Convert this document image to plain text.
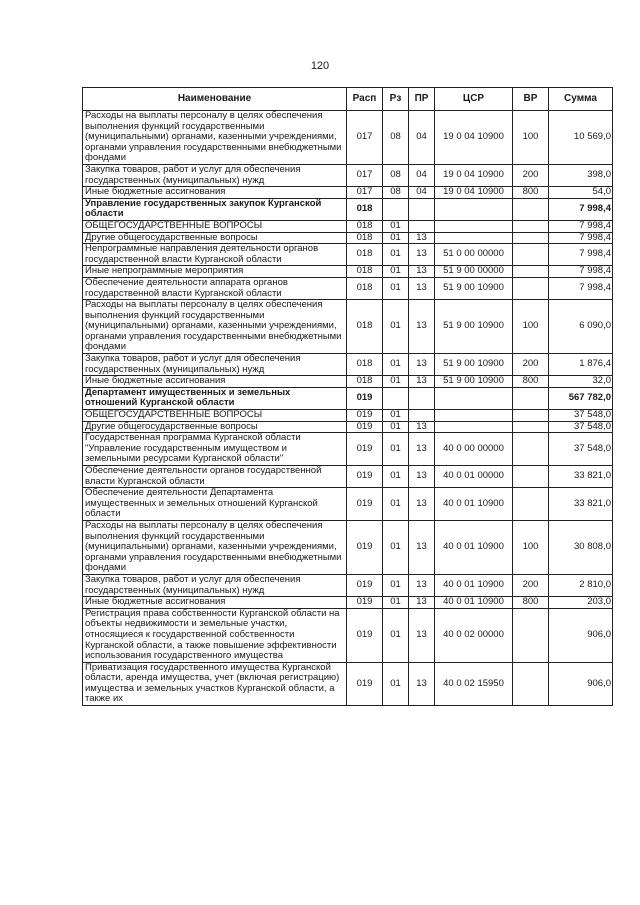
120
Наименование	Расп	Рз	ПР	ЦСР	ВР	Сумма
Расходы на выплаты персоналу в целях обеспечения выполнения функций государственными (муниципальными) органами, казенными учреждениями, органами управления государственными внебюджетными фондами	017	08	04	19 0 04 10900	100	10 569,0
Закупка товаров, работ и услуг для обеспечения государственных (муниципальных) нужд	017	08	04	19 0 04 10900	200	398,0
Иные бюджетные ассигнования	017	08	04	19 0 04 10900	800	54,0
Управление государственных закупок Курганской области	018					7 998,4
ОБЩЕГОСУДАРСТВЕННЫЕ ВОПРОСЫ	018	01				7 998,4
Другие общегосударственные вопросы	018	01	13			7 998,4
Непрограммные направления деятельности органов государственной власти Курганской области	018	01	13	51 0 00 00000		7 998,4
Иные непрограммные мероприятия	018	01	13	51 9 00 00000		7 998,4
Обеспечение деятельности аппарата органов государственной власти Курганской области	018	01	13	51 9 00 10900		7 998,4
Расходы на выплаты персоналу в целях обеспечения выполнения функций государственными (муниципальными) органами, казенными учреждениями, органами управления государственными внебюджетными фондами	018	01	13	51 9 00 10900	100	6 090,0
Закупка товаров, работ и услуг для обеспечения государственных (муниципальных) нужд	018	01	13	51 9 00 10900	200	1 876,4
Иные бюджетные ассигнования	018	01	13	51 9 00 10900	800	32,0
Департамент имущественных и земельных отношений Курганской области	019					567 782,0
ОБЩЕГОСУДАРСТВЕННЫЕ ВОПРОСЫ	019	01				37 548,0
Другие общегосударственные вопросы	019	01	13			37 548,0
Государственная программа Курганской области "Управление государственным имуществом и земельными ресурсами Курганской области"	019	01	13	40 0 00 00000		37 548,0
Обеспечение деятельности органов государственной власти Курганской области	019	01	13	40 0 01 00000		33 821,0
Обеспечение деятельности Департамента имущественных и земельных отношений Курганской области	019	01	13	40 0 01 10900		33 821,0
Расходы на выплаты персоналу в целях обеспечения выполнения функций государственными (муниципальными) органами, казенными учреждениями, органами управления государственными внебюджетными фондами	019	01	13	40 0 01 10900	100	30 808,0
Закупка товаров, работ и услуг для обеспечения государственных (муниципальных) нужд	019	01	13	40 0 01 10900	200	2 810,0
Иные бюджетные ассигнования	019	01	13	40 0 01 10900	800	203,0
Регистрация права собственности Курганской области на объекты недвижимости и земельные участки, относящиеся к государственной собственности Курганской области, а также повышение эффективности использования государственного имущества	019	01	13	40 0 02 00000		906,0
Приватизация государственного имущества Курганской области, аренда имущества, учет (включая регистрацию) имущества и земельных участков Курганской области, а также их	019	01	13	40 0 02 15950		906,0
